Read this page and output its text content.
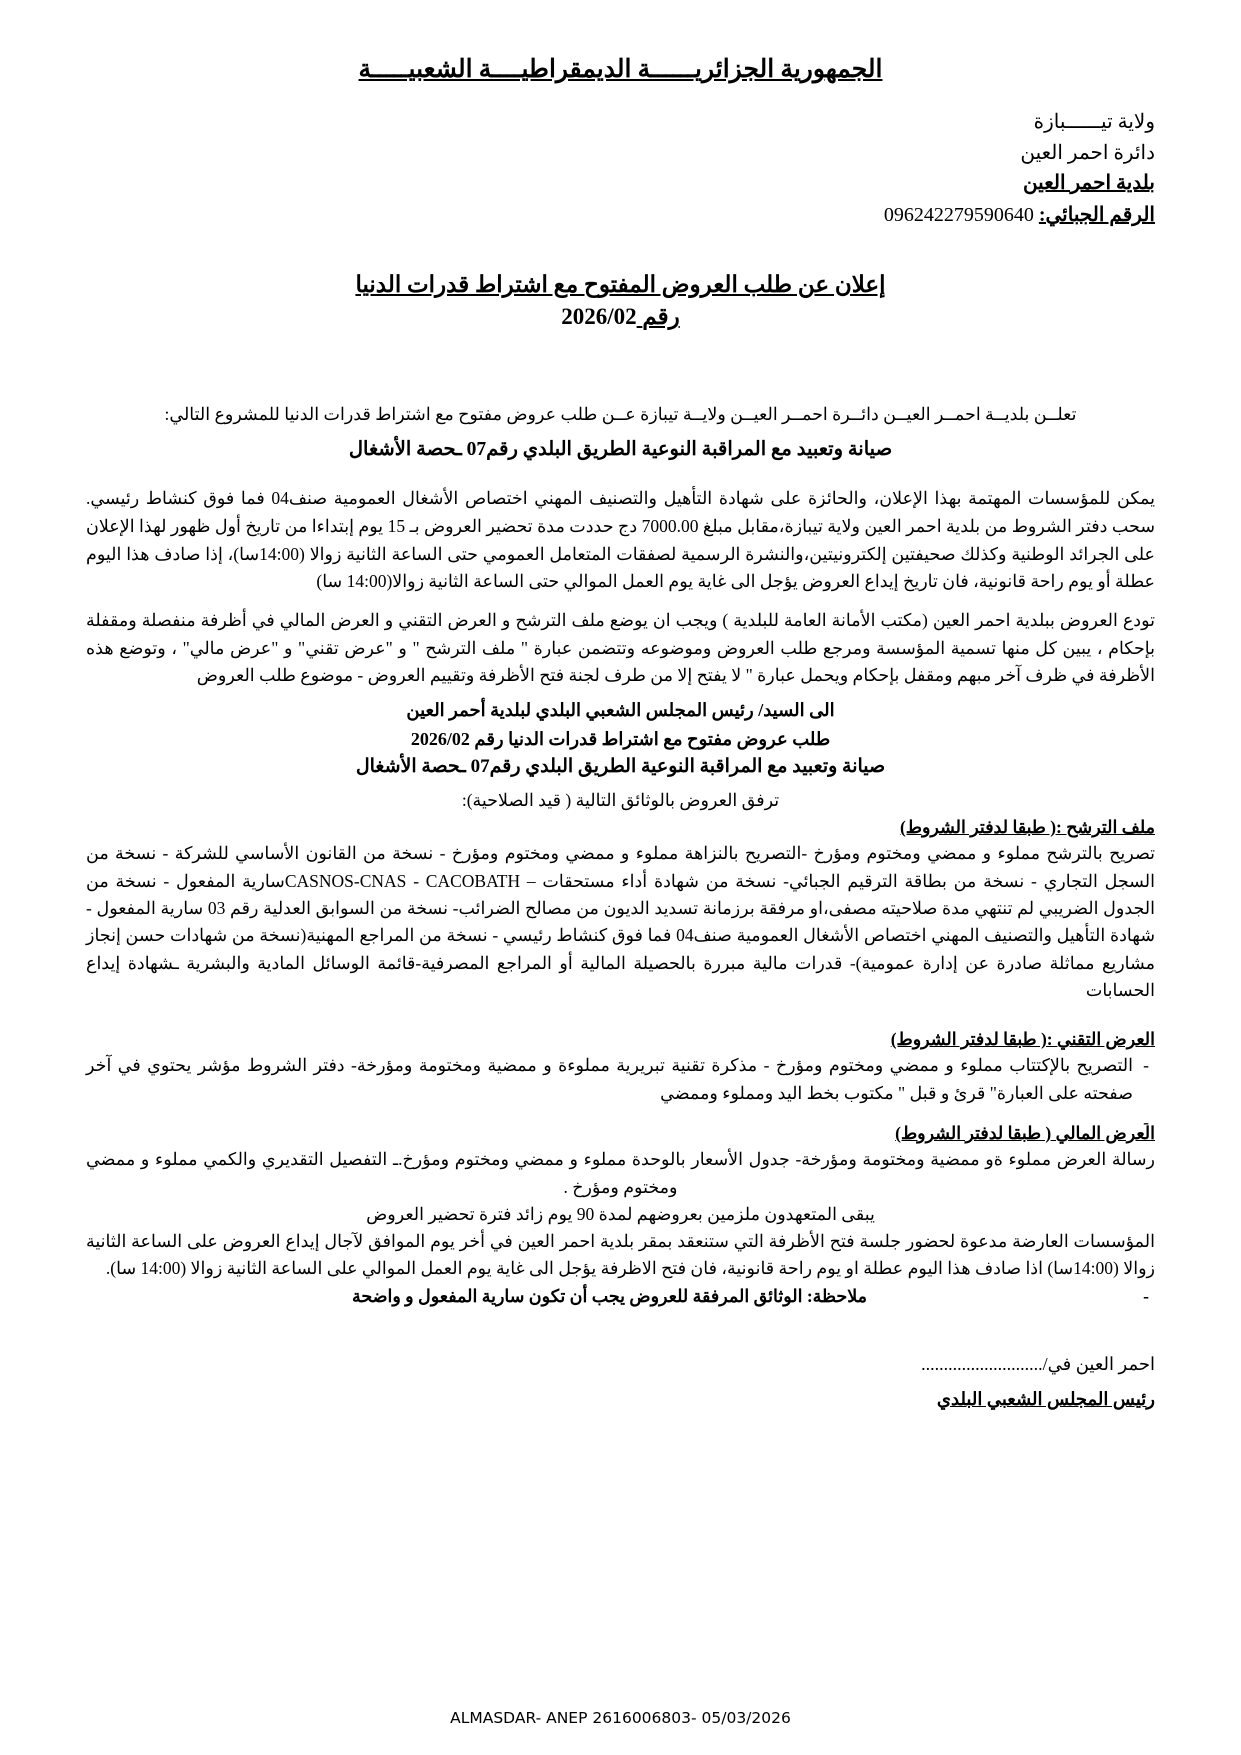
الجمهورية الجزائريــــــة الديمقراطيــــة الشعبيـــــة
ولاية تيــــــبازة
دائرة احمر العين
بلدية احمر العين
الرقم الجبائي: 096242279590640
إعلان عن طلب العروض المفتوح مع اشتراط قدرات الدنيا
رقم 2026/02

تعلــن بلديــة احمــر العيــن دائــرة احمــر العيــن ولايــة تيبازة عــن طلب عروض مفتوح مع اشتراط قدرات الدنيا للمشروع التالي:

صيانة وتعبيد مع المراقبة النوعية الطريق البلدي رقم07 ـحصة الأشغال

يمكن للمؤسسات المهتمة بهذا الإعلان، والحائزة على شهادة التأهيل والتصنيف المهني اختصاص الأشغال العمومية صنف04 فما فوق كنشاط رئيسي. سحب دفتر الشروط من بلدية احمر العين ولاية تيبازة،مقابل مبلغ 7000.00 دج حددت مدة تحضير العروض بـ 15 يوم إبتداءا من تاريخ أول ظهور لهذا الإعلان على الجرائد الوطنية وكذلك صحيفتين إلكترونيتين،والنشرة الرسمية لصفقات المتعامل العمومي حتى الساعة الثانية زوالا (14:00سا)، إذا صادف هذا اليوم عطلة أو يوم راحة قانونية، فان تاريخ إيداع العروض يؤجل الى غاية يوم العمل الموالي حتى الساعة الثانية زوالا(14:00 سا)

تودع العروض ببلدية احمر العين (مكتب الأمانة العامة للبلدية ) ويجب ان يوضع ملف الترشح و العرض التقني و العرض المالي في أظرفة منفصلة ومقفلة بإحكام ، يبين كل منها تسمية المؤسسة ومرجع طلب العروض وموضوعه وتتضمن عبارة " ملف الترشح " و "عرض تقني" و "عرض مالي" ، وتوضع هذه الأظرفة في ظرف آخر مبهم ومقفل بإحكام ويحمل عبارة " لا يفتح إلا من طرف لجنة فتح الأظرفة وتقييم العروض - موضوع طلب العروض

الى السيد/ رئيس المجلس الشعبي البلدي لبلدية أحمر العين
طلب عروض مفتوح مع اشتراط قدرات الدنيا رقم 2026/02
صيانة وتعبيد مع المراقبة النوعية الطريق البلدي رقم07 ـحصة الأشغال

ترفق العروض بالوثائق التالية ( قيد الصلاحية):

ملف الترشح :( طبقا لدفتر الشروط)

تصريح بالترشح مملوء و ممضي ومختوم ومؤرخ -التصريح بالنزاهة مملوء و ممضي ومختوم ومؤرخ - نسخة من القانون الأساسي للشركة - نسخة من السجل التجاري - نسخة من بطاقة الترقيم الجبائي- نسخة من شهادة أداء مستحقات – CASNOS-CNAS - CACOBATHسارية المفعول - نسخة من الجدول الضريبي لم تنتهي مدة صلاحيته مصفى،او مرفقة برزمانة تسديد الديون من مصالح الضرائب- نسخة من السوابق العدلية رقم 03 سارية المفعول - شهادة التأهيل والتصنيف المهني اختصاص الأشغال العمومية صنف04 فما فوق كنشاط رئيسي - نسخة من المراجع المهنية(نسخة من شهادات حسن إنجاز مشاريع مماثلة صادرة عن إدارة عمومية)- قدرات مالية مبررة بالحصيلة المالية أو المراجع المصرفية-قائمة الوسائل المادية والبشرية ـشهادة إيداع الحسابات

العرض التقني :( طبقا لدفتر الشروط)
- التصريح بالإكتتاب مملوء و ممضي ومختوم ومؤرخ - مذكرة تقنية تبريرية مملوءة و ممضية ومختومة ومؤرخة- دفتر الشروط مؤشر يحتوي في آخر صفحته على العبارة" قرئ و قبل " مكتوب بخط اليد ومملوء وممضي
العرض المالي ( طبقا لدفتر الشروط)

رسالة العرض مملوء ةو ممضية ومختومة ومؤرخة- جدول الأسعار بالوحدة مملوء و ممضي ومختوم ومؤرخ.ـ التفصيل التقديري والكمي مملوء و ممضي ومختوم ومؤرخ .

يبقى المتعهدون ملزمين بعروضهم لمدة 90 يوم زائد فترة تحضير العروض

المؤسسات العارضة مدعوة لحضور جلسة فتح الأظرفة التي ستنعقد بمقر بلدية احمر العين في أخر يوم الموافق لآجال إيداع العروض على الساعة الثانية زوالا (14:00سا) اذا صادف هذا اليوم عطلة او يوم راحة قانونية، فان فتح الاظرفة يؤجل الى غاية يوم العمل الموالي على الساعة الثانية زوالا (14:00 سا).

- ملاحظة: الوثائق المرفقة للعروض يجب أن تكون سارية المفعول و واضحة
احمر العين في/...........................
رئيس المجلس الشعبي البلدي
ALMASDAR- ANEP 2616006803- 05/03/2026
